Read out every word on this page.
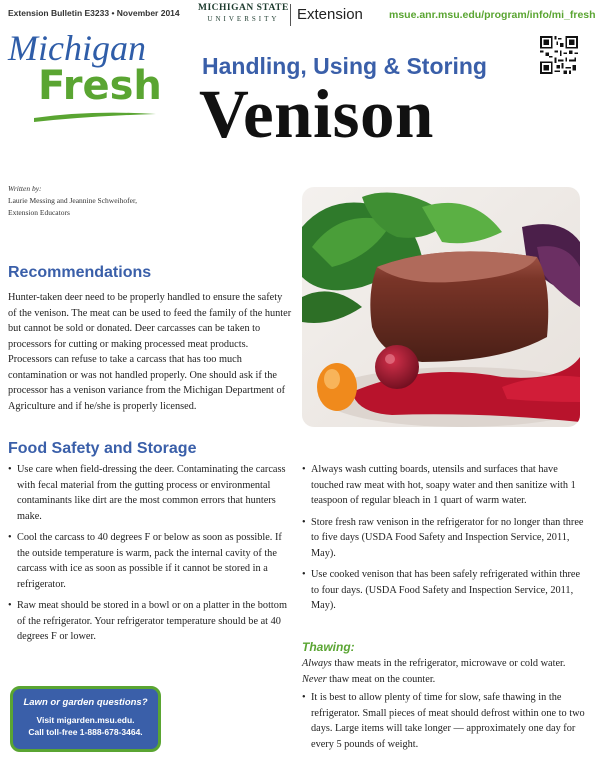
Extension Bulletin E3233 • November 2014 MICHIGAN STATE
UNIVERSITY	Extension msue.anr.msu.edu/program/info/mi_fresh
Michigan
Fresh Handling, Using & Storing
Venison
Written by:
Laurie Messing and Jeannine Schweihofer,
Extension Educators
Recommendations
Hunter-taken deer need to be properly handled to ensure the safety of the venison. The meat can be used to feed the family of the hunter but cannot be sold or donated. Deer carcasses can be taken to processors for cutting or making processed meat products. Processors can refuse to take a carcass that has too much contamination or was not handled properly. One should ask if the processor has a venison variance from the Michigan Department of Agriculture and if he/she is properly licensed.
Food Safety and Storage
• Use care when field-dressing the deer. Contaminating the carcass with fecal material from the gutting process or environmental contaminants like dirt are the most common errors that hunters make.
• Cool the carcass to 40 degrees F or below as soon as possible. If the outside temperature is warm, pack the internal cavity of the carcass with ice as soon as possible if it cannot be stored in a refrigerator.
• Raw meat should be stored in a bowl or on a platter in the bottom of the refrigerator. Your refrigerator temperature should be at 40 degrees F or lower.
• Always wash cutting boards, utensils and surfaces that have touched raw meat with hot, soapy water and then sanitize with 1 teaspoon of regular bleach in 1 quart of warm water.
• Store fresh raw venison in the refrigerator for no longer than three to five days (USDA Food Safety and Inspection Service, 2011, May).
• Use cooked venison that has been safely refrigerated within three to four days. (USDA Food Safety and Inspection Service, 2011, May).
Thawing:
Always thaw meats in the refrigerator, microwave or cold water. Never thaw meat on the counter.
• It is best to allow plenty of time for slow, safe thawing in the refrigerator. Small pieces of meat should defrost within one to two days. Large items will take longer — approximately one day for every 5 pounds of weight.
Lawn or garden questions?
Visit migarden.msu.edu.
Call toll-free 1-888-678-3464.
